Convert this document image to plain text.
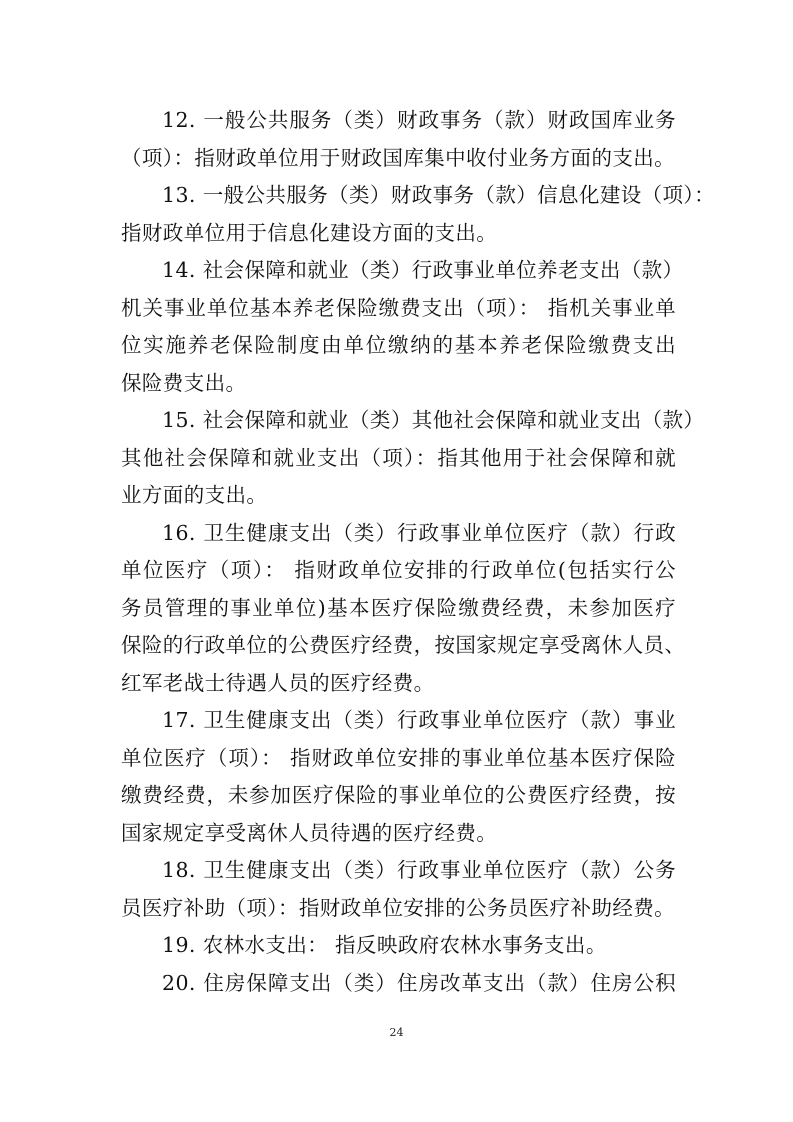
12. 一般公共服务（类）财政事务（款）财政国库业务
（项）：指财政单位用于财政国库集中收付业务方面的支出。
13. 一般公共服务（类）财政事务（款）信息化建设（项）：
指财政单位用于信息化建设方面的支出。
14. 社会保障和就业（类）行政事业单位养老支出（款）
机关事业单位基本养老保险缴费支出（项）： 指机关事业单
位实施养老保险制度由单位缴纳的基本养老保险缴费支出
保险费支出。
15. 社会保障和就业（类）其他社会保障和就业支出（款）
其他社会保障和就业支出（项）：指其他用于社会保障和就
业方面的支出。
16. 卫生健康支出（类）行政事业单位医疗（款）行政
单位医疗（项）： 指财政单位安排的行政单位(包括实行公
务员管理的事业单位)基本医疗保险缴费经费，未参加医疗
保险的行政单位的公费医疗经费，按国家规定享受离休人员、
红军老战士待遇人员的医疗经费。
17. 卫生健康支出（类）行政事业单位医疗（款）事业
单位医疗（项）： 指财政单位安排的事业单位基本医疗保险
缴费经费，未参加医疗保险的事业单位的公费医疗经费，按
国家规定享受离休人员待遇的医疗经费。
18. 卫生健康支出（类）行政事业单位医疗（款）公务
员医疗补助（项）：指财政单位安排的公务员医疗补助经费。
19. 农林水支出： 指反映政府农林水事务支出。
20. 住房保障支出（类）住房改革支出（款）住房公积
24
